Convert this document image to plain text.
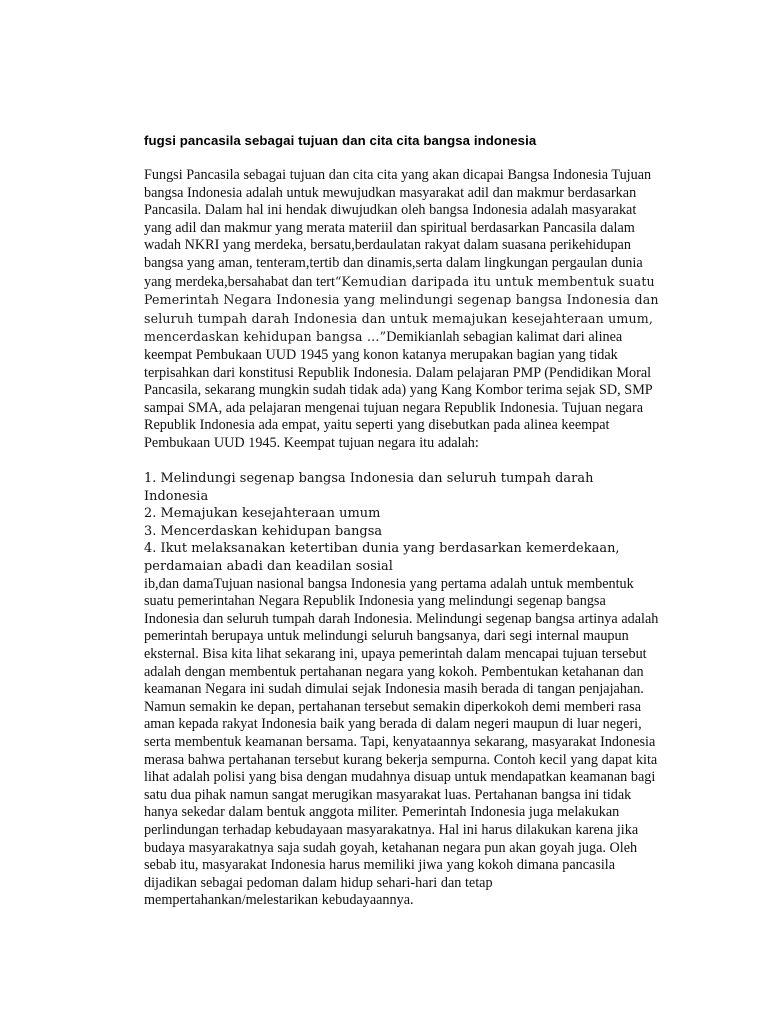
fugsi pancasila sebagai tujuan dan cita cita bangsa indonesia

Fungsi Pancasila sebagai tujuan dan cita cita yang akan dicapai Bangsa Indonesia Tujuan bangsa Indonesia adalah untuk mewujudkan masyarakat adil dan makmur berdasarkan Pancasila. Dalam hal ini hendak diwujudkan oleh bangsa Indonesia adalah masyarakat yang adil dan makmur yang merata materiil dan spiritual berdasarkan Pancasila dalam wadah NKRI yang merdeka, bersatu,berdaulatan rakyat dalam suasana perikehidupan bangsa yang aman, tenteram,tertib dan dinamis,serta dalam lingkungan pergaulan dunia yang merdeka,bersahabat dan tert“Kemudian daripada itu untuk membentuk suatu Pemerintah Negara Indonesia yang melindungi segenap bangsa Indonesia dan seluruh tumpah darah Indonesia dan untuk memajukan kesejahteraan umum, mencerdaskan kehidupan bangsa …”Demikianlah sebagian kalimat dari alinea keempat Pembukaan UUD 1945 yang konon katanya merupakan bagian yang tidak terpisahkan dari konstitusi Republik Indonesia. Dalam pelajaran PMP (Pendidikan Moral Pancasila, sekarang mungkin sudah tidak ada) yang Kang Kombor terima sejak SD, SMP sampai SMA, ada pelajaran mengenai tujuan negara Republik Indonesia. Tujuan negara Republik Indonesia ada empat, yaitu seperti yang disebutkan pada alinea keempat Pembukaan UUD 1945. Keempat tujuan negara itu adalah:

1. Melindungi segenap bangsa Indonesia dan seluruh tumpah darah Indonesia
2. Memajukan kesejahteraan umum
3. Mencerdaskan kehidupan bangsa
4. Ikut melaksanakan ketertiban dunia yang berdasarkan kemerdekaan,
perdamaian abadi dan keadilan sosial

ib,dan damaTujuan nasional bangsa Indonesia yang pertama adalah untuk membentuk suatu pemerintahan Negara Republik Indonesia yang melindungi segenap bangsa Indonesia dan seluruh tumpah darah Indonesia. Melindungi segenap bangsa artinya adalah pemerintah berupaya untuk melindungi seluruh bangsanya, dari segi internal maupun eksternal. Bisa kita lihat sekarang ini, upaya pemerintah dalam mencapai tujuan tersebut adalah dengan membentuk pertahanan negara yang kokoh. Pembentukan ketahanan dan keamanan Negara ini sudah dimulai sejak Indonesia masih berada di tangan penjajahan. Namun semakin ke depan, pertahanan tersebut semakin diperkokoh demi memberi rasa aman kepada rakyat Indonesia baik yang berada di dalam negeri maupun di luar negeri, serta membentuk keamanan bersama. Tapi, kenyataannya sekarang, masyarakat Indonesia merasa bahwa pertahanan tersebut kurang bekerja sempurna. Contoh kecil yang dapat kita lihat adalah polisi yang bisa dengan mudahnya disuap untuk mendapatkan keamanan bagi satu dua pihak namun sangat merugikan masyarakat luas. Pertahanan bangsa ini tidak hanya sekedar dalam bentuk anggota militer. Pemerintah Indonesia juga melakukan perlindungan terhadap kebudayaan masyarakatnya. Hal ini harus dilakukan karena jika budaya masyarakatnya saja sudah goyah, ketahanan negara pun akan goyah juga. Oleh sebab itu, masyarakat Indonesia harus memiliki jiwa yang kokoh dimana pancasila dijadikan sebagai pedoman dalam hidup sehari-hari dan tetap mempertahankan/melestarikan kebudayaannya.
